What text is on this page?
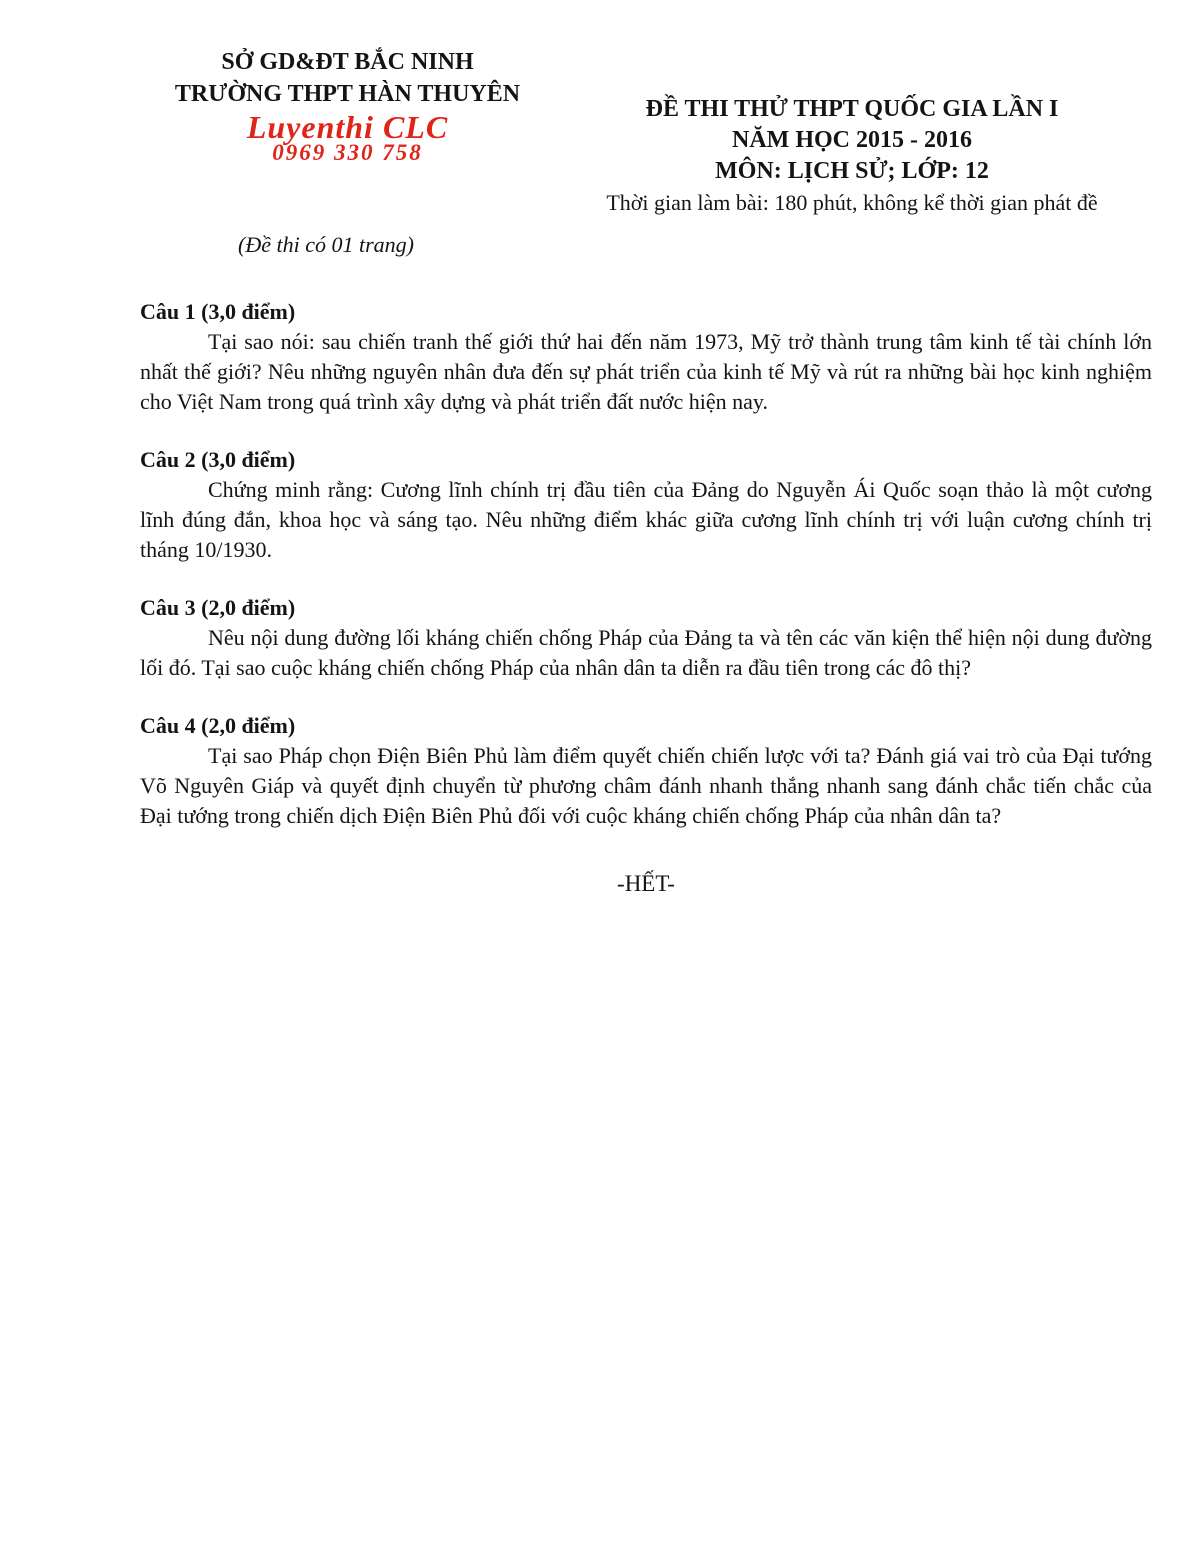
SỞ GD&ĐT BẮC NINH
TRƯỜNG THPT HÀN THUYÊN
Luyenthi CLC
0969 330 758
ĐỀ THI THỬ THPT QUỐC GIA LẦN I
NĂM HỌC 2015 - 2016
MÔN: LỊCH SỬ; LỚP: 12
Thời gian làm bài: 180 phút, không kể thời gian phát đề
(Đề thi có 01 trang)
Câu 1 (3,0 điểm)
Tại sao nói: sau chiến tranh thế giới thứ hai đến năm 1973, Mỹ trở thành trung tâm kinh tế tài chính lớn nhất thế giới? Nêu những nguyên nhân đưa đến sự phát triển của kinh tế Mỹ và rút ra những bài học kinh nghiệm cho Việt Nam trong quá trình xây dựng và phát triển đất nước hiện nay.
Câu 2 (3,0 điểm)
Chứng minh rằng: Cương lĩnh chính trị đầu tiên của Đảng do Nguyễn Ái Quốc soạn thảo là một cương lĩnh đúng đắn, khoa học và sáng tạo. Nêu những điểm khác giữa cương lĩnh chính trị với luận cương chính trị tháng 10/1930.
Câu 3 (2,0 điểm)
Nêu nội dung đường lối kháng chiến chống Pháp của Đảng ta và tên các văn kiện thể hiện nội dung đường lối đó. Tại sao cuộc kháng chiến chống Pháp của nhân dân ta diễn ra đầu tiên trong các đô thị?
Câu 4 (2,0 điểm)
Tại sao Pháp chọn Điện Biên Phủ làm điểm quyết chiến chiến lược với ta? Đánh giá vai trò của Đại tướng Võ Nguyên Giáp và quyết định chuyển từ phương châm đánh nhanh thắng nhanh sang đánh chắc tiến chắc của Đại tướng trong chiến dịch Điện Biên Phủ đối với cuộc kháng chiến chống Pháp của nhân dân ta?
-HẾT-
